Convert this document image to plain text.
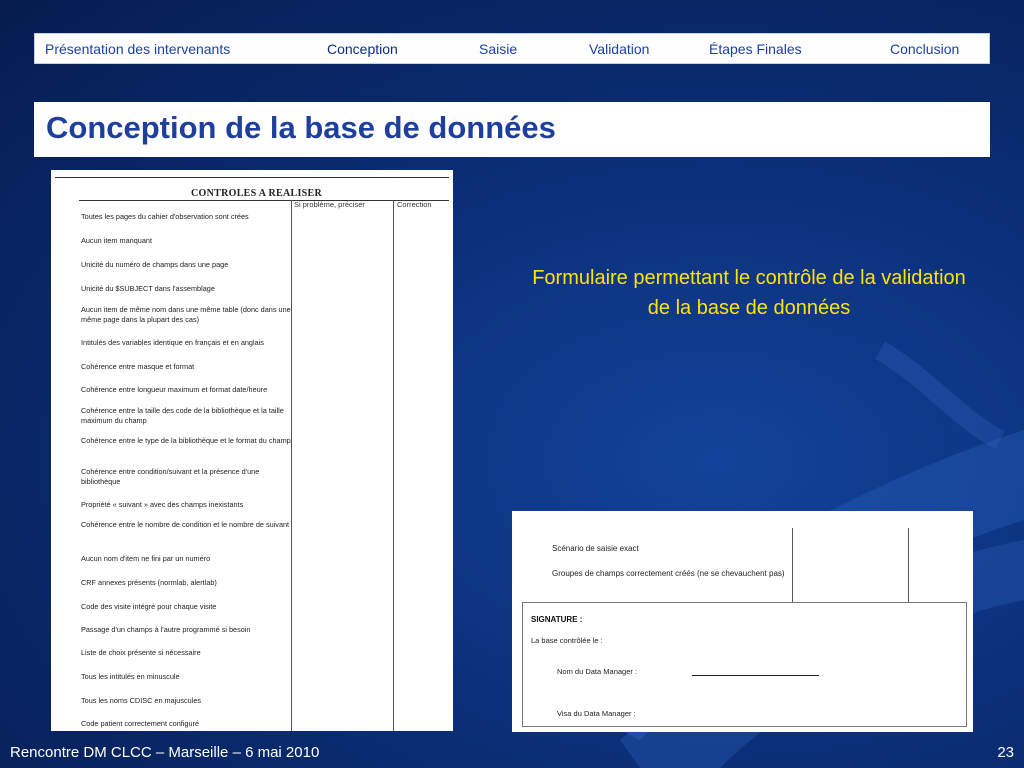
Présentation des intervenants	Conception	Saisie	Validation	Étapes Finales	Conclusion
Conception de la base de données
CONTROLES A REALISER
Si problème, préciser	Correction
Toutes les pages du cahier d'observation sont crées
Aucun item manquant
Unicité du numéro de champs dans une page
Unicité du $SUBJECT dans l'assemblage
Aucun item de même nom dans une même table (donc dans une même page dans la plupart des cas)
Intitulés des variables identique en français et en anglais
Cohérence entre masque et format
Cohérence entre longueur maximum et format date/heure
Cohérence entre la taille des code de la bibliothèque et la taille maximum du champ
Cohérence entre le type de la bibliothèque et le format du champ
Cohérence entre condition/suivant et la présence d'une bibliothèque
Propriété « suivant » avec des champs inexistants
Cohérence entre le nombre de condition et le nombre de suivant
Aucun nom d'item ne fini par un numéro
CRF annexes présents (normlab, alertlab)
Code des visite intégré pour chaque visite
Passage d'un champs à l'autre programmé si besoin
Liste de choix présente si nécessaire
Tous les intitulés en minuscule
Tous les noms CDISC en majuscules
Code patient correctement configuré
Formulaire permettant le contrôle de la validation de la base de données
Scénario de saisie exact
Groupes de champs correctement créés (ne se chevauchent pas)
SIGNATURE :
La base contrôlée le :
Nom du Data Manager :
Visa du Data Manager :
Rencontre DM CLCC – Marseille – 6 mai 2010	23
